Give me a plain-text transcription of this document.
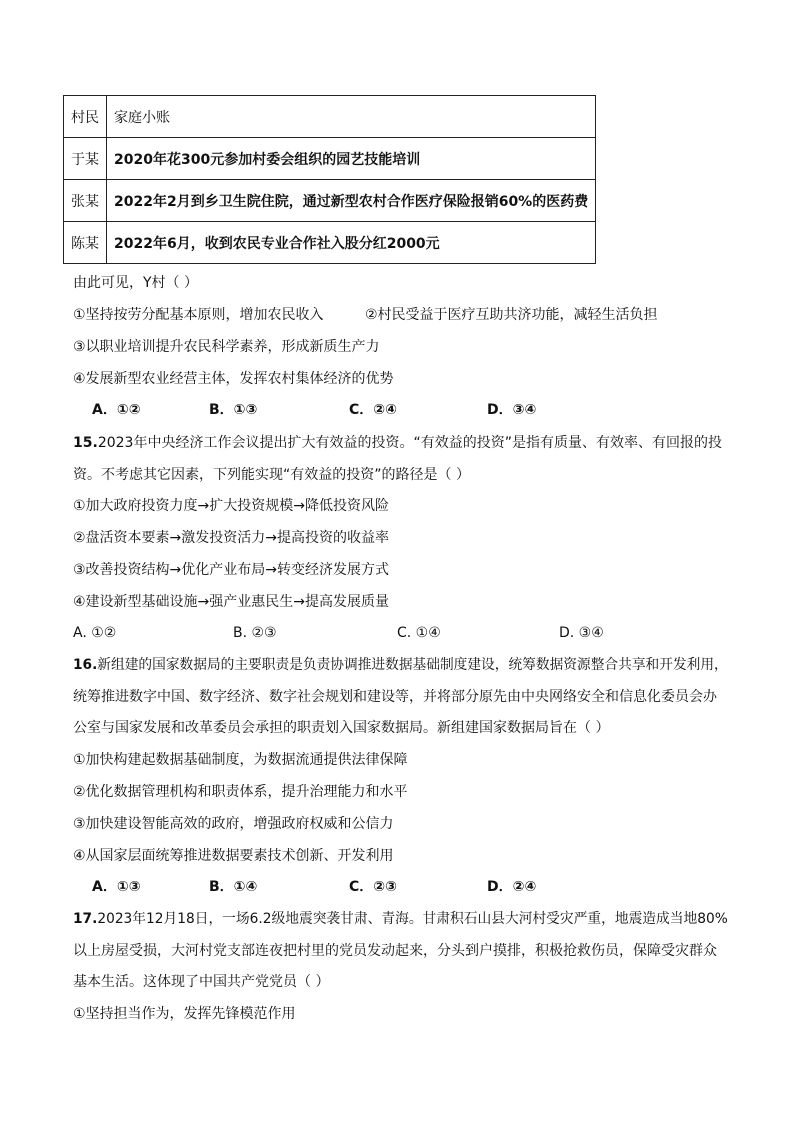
村民	家庭小账
于某	2020年花300元参加村委会组织的园艺技能培训
张某	2022年2月到乡卫生院住院，通过新型农村合作医疗保险报销60%的医药费
陈某	2022年6月，收到农民专业合作社入股分红2000元
由此可见，Y村（ ）
①坚持按劳分配基本原则，增加农民收入	②村民受益于医疗互助共济功能，减轻生活负担
③以职业培训提升农民科学素养，形成新质生产力
④发展新型农业经营主体，发挥农村集体经济的优势
A．①②	B．①③	C．②④	D．③④
15.2023年中央经济工作会议提出扩大有效益的投资。“有效益的投资”是指有质量、有效率、有回报的投
资。不考虑其它因素，下列能实现“有效益的投资”的路径是（ ）
①加大政府投资力度→扩大投资规模→降低投资风险
②盘活资本要素→激发投资活力→提高投资的收益率
③改善投资结构→优化产业布局→转变经济发展方式
④建设新型基础设施→强产业惠民生→提高发展质量
A. ①②	B. ②③	C. ①④	D. ③④
16.新组建的国家数据局的主要职责是负责协调推进数据基础制度建设，统筹数据资源整合共享和开发利用，
统筹推进数字中国、数字经济、数字社会规划和建设等，并将部分原先由中央网络安全和信息化委员会办
公室与国家发展和改革委员会承担的职责划入国家数据局。新组建国家数据局旨在（ ）
①加快构建起数据基础制度，为数据流通提供法律保障
②优化数据管理机构和职责体系，提升治理能力和水平
③加快建设智能高效的政府，增强政府权威和公信力
④从国家层面统筹推进数据要素技术创新、开发利用
A．①③	B．①④	C．②③	D．②④
17.2023年12月18日，一场6.2级地震突袭甘肃、青海。甘肃积石山县大河村受灾严重，地震造成当地80%
以上房屋受损，大河村党支部连夜把村里的党员发动起来，分头到户摸排，积极抢救伤员，保障受灾群众
基本生活。这体现了中国共产党党员（ ）
①坚持担当作为，发挥先锋模范作用
